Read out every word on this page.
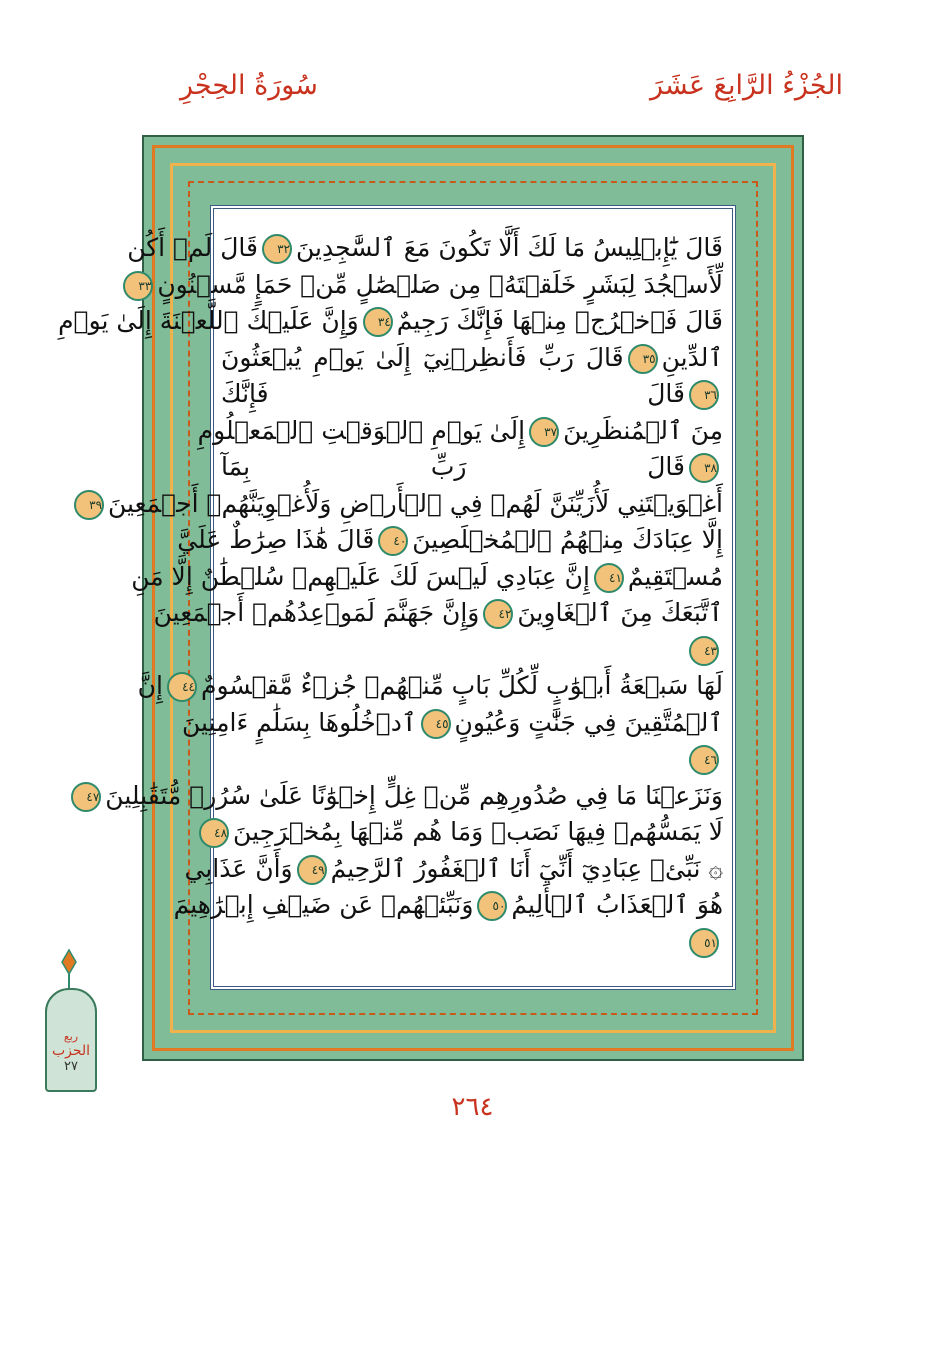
الجُزْءُ الرَّابِعَ عَشَرَ
سُورَةُ الحِجْرِ
قَالَ يَٰٓإِبۡلِيسُ مَا لَكَ أَلَّا تَكُونَ مَعَ ٱلسَّٰجِدِينَ٣٢قَالَ لَمۡ أَكُن
لِّأَسۡجُدَ لِبَشَرٍ خَلَقۡتَهُۥ مِن صَلۡصَٰلٍ مِّنۡ حَمَإٍ مَّسۡنُونٍ٣٣
قَالَ فَٱخۡرُجۡ مِنۡهَا فَإِنَّكَ رَجِيمٌ٣٤وَإِنَّ عَلَيۡكَ ٱللَّعۡنَةَ إِلَىٰ يَوۡمِ
ٱلدِّينِ٣٥قَالَ رَبِّ فَأَنظِرۡنِيٓ إِلَىٰ يَوۡمِ يُبۡعَثُونَ
٣٦قَالَ فَإِنَّكَ
مِنَ ٱلۡمُنظَرِينَ٣٧إِلَىٰ يَوۡمِ ٱلۡوَقۡتِ ٱلۡمَعۡلُومِ
٣٨قَالَ رَبِّ بِمَآ
أَغۡوَيۡتَنِي لَأُزَيِّنَنَّ لَهُمۡ فِي ٱلۡأَرۡضِ وَلَأُغۡوِيَنَّهُمۡ أَجۡمَعِينَ٣٩
إِلَّا عِبَادَكَ مِنۡهُمُ ٱلۡمُخۡلَصِينَ٤٠قَالَ هَٰذَا صِرَٰطٌ عَلَيَّ
مُسۡتَقِيمٌ٤١إِنَّ عِبَادِي لَيۡسَ لَكَ عَلَيۡهِمۡ سُلۡطَٰنٌ إِلَّا مَنِ
ٱتَّبَعَكَ مِنَ ٱلۡغَاوِينَ٤٢وَإِنَّ جَهَنَّمَ لَمَوۡعِدُهُمۡ أَجۡمَعِينَ
٤٣
لَهَا سَبۡعَةُ أَبۡوَٰبٍ لِّكُلِّ بَابٍ مِّنۡهُمۡ جُزۡءٌ مَّقۡسُومٌ٤٤إِنَّ
ٱلۡمُتَّقِينَ فِي جَنَّٰتٍ وَعُيُونٍ٤٥ٱدۡخُلُوهَا بِسَلَٰمٍ ءَامِنِينَ
٤٦
وَنَزَعۡنَا مَا فِي صُدُورِهِم مِّنۡ غِلٍّ إِخۡوَٰنًا عَلَىٰ سُرُرٖ مُّتَقَٰبِلِينَ٤٧
لَا يَمَسُّهُمۡ فِيهَا نَصَبٞ وَمَا هُم مِّنۡهَا بِمُخۡرَجِينَ٤٨
۞ نَبِّئۡ عِبَادِيٓ أَنِّيٓ أَنَا ٱلۡغَفُورُ ٱلرَّحِيمُ٤٩وَأَنَّ عَذَابِي
هُوَ ٱلۡعَذَابُ ٱلۡأَلِيمُ٥٠وَنَبِّئۡهُمۡ عَن ضَيۡفِ إِبۡرَٰهِيمَ
٥١
ربع
الحزب
٢٧
٢٦٤
